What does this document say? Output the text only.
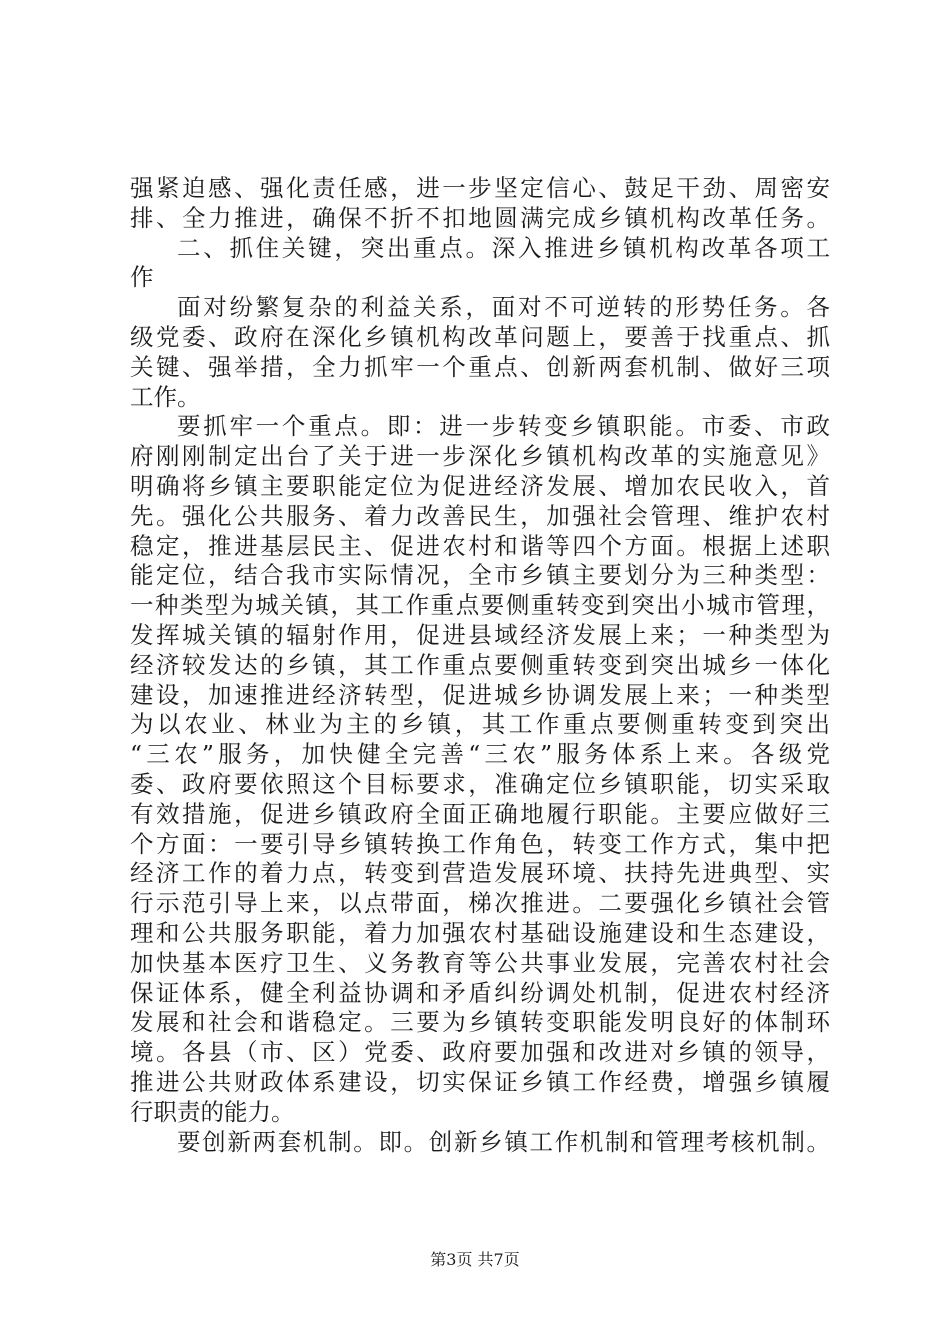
强紧迫感、强化责任感，进一步坚定信心、鼓足干劲、周密安
排、全力推进，确保不折不扣地圆满完成乡镇机构改革任务。
二、抓住关键，突出重点。深入推进乡镇机构改革各项工
作
面对纷繁复杂的利益关系，面对不可逆转的形势任务。各
级党委、政府在深化乡镇机构改革问题上，要善于找重点、抓
关键、强举措，全力抓牢一个重点、创新两套机制、做好三项
工作。
要抓牢一个重点。即：进一步转变乡镇职能。市委、市政
府刚刚制定出台了关于进一步深化乡镇机构改革的实施意见》
明确将乡镇主要职能定位为促进经济发展、增加农民收入，首
先。强化公共服务、着力改善民生，加强社会管理、维护农村
稳定，推进基层民主、促进农村和谐等四个方面。根据上述职
能定位，结合我市实际情况，全市乡镇主要划分为三种类型：
一种类型为城关镇，其工作重点要侧重转变到突出小城市管理，
发挥城关镇的辐射作用，促进县域经济发展上来；一种类型为
经济较发达的乡镇，其工作重点要侧重转变到突出城乡一体化
建设，加速推进经济转型，促进城乡协调发展上来；一种类型
为以农业、林业为主的乡镇，其工作重点要侧重转变到突出
“三农”服务，加快健全完善“三农”服务体系上来。各级党
委、政府要依照这个目标要求，准确定位乡镇职能，切实采取
有效措施，促进乡镇政府全面正确地履行职能。主要应做好三
个方面：一要引导乡镇转换工作角色，转变工作方式，集中把
经济工作的着力点，转变到营造发展环境、扶持先进典型、实
行示范引导上来，以点带面，梯次推进。二要强化乡镇社会管
理和公共服务职能，着力加强农村基础设施建设和生态建设，
加快基本医疗卫生、义务教育等公共事业发展，完善农村社会
保证体系，健全利益协调和矛盾纠纷调处机制，促进农村经济
发展和社会和谐稳定。三要为乡镇转变职能发明良好的体制环
境。各县（市、区）党委、政府要加强和改进对乡镇的领导，
推进公共财政体系建设，切实保证乡镇工作经费，增强乡镇履
行职责的能力。
要创新两套机制。即。创新乡镇工作机制和管理考核机制。
第3页 共7页
